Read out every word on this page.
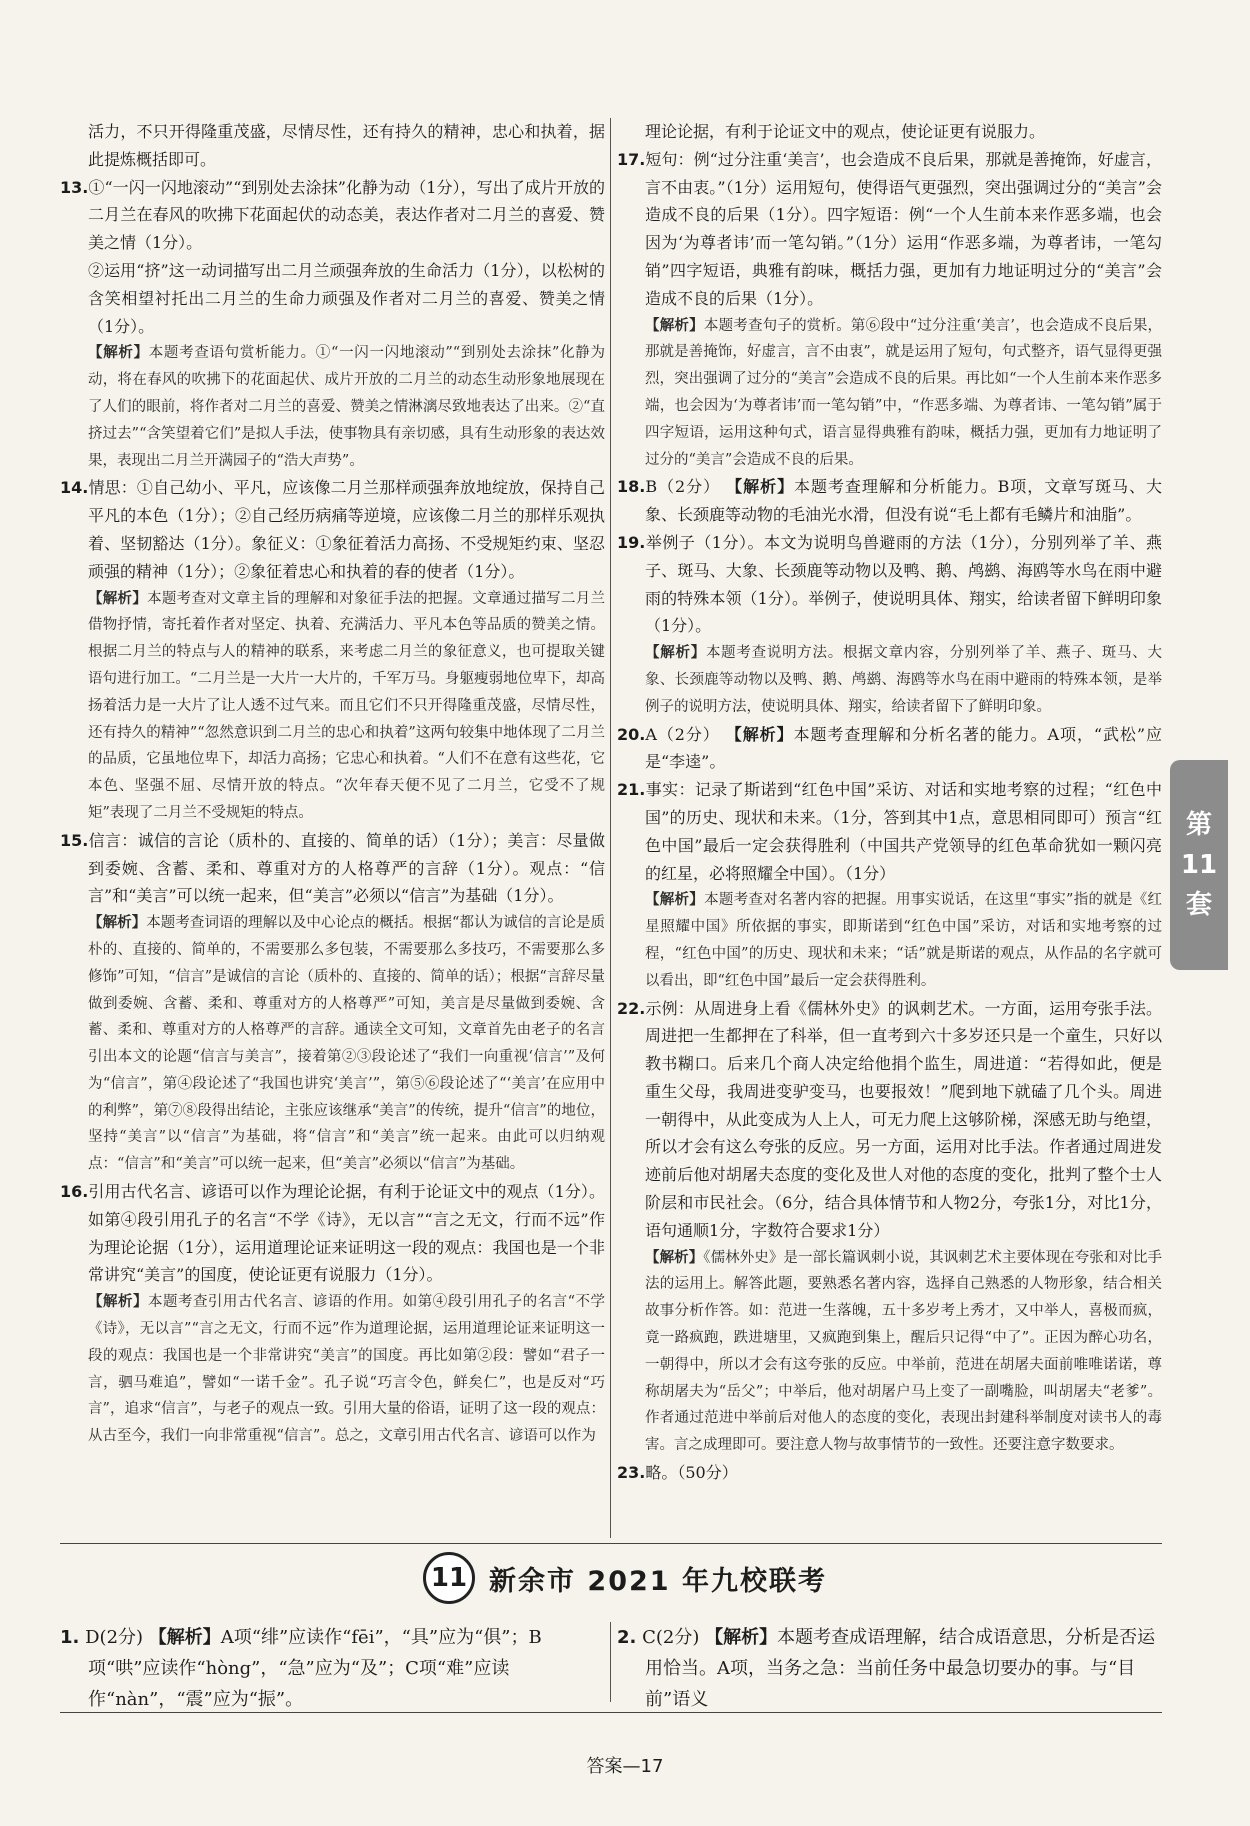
活力，不只开得隆重茂盛，尽情尽性，还有持久的精神，忠心和执着，据此提炼概括即可。

13.①“一闪一闪地滚动”“到别处去涂抹”化静为动（1分），写出了成片开放的二月兰在春风的吹拂下花面起伏的动态美，表达作者对二月兰的喜爱、赞美之情（1分）。

②运用“挤”这一动词描写出二月兰顽强奔放的生命活力（1分），以松树的含笑相望衬托出二月兰的生命力顽强及作者对二月兰的喜爱、赞美之情（1分）。

【 解析 】 本题考查语句赏析能力。①“一闪一闪地滚动”“到别处去涂抹”化静为动，将在春风的吹拂下的花面起伏、成片开放的二月兰的动态生动形象地展现在了人们的眼前，将作者对二月兰的喜爱、赞美之情淋漓尽致地表达了出来。②“直挤过去”“含笑望着它们”是拟人手法，使事物具有亲切感，具有生动形象的表达效果，表现出二月兰开满园子的“浩大声势”。

14.情思：①自己幼小、平凡，应该像二月兰那样顽强奔放地绽放，保持自己平凡的本色（1分）；②自己经历病痛等逆境，应该像二月兰的那样乐观执着、坚韧豁达（1分）。象征义：①象征着活力高扬、不受规矩约束、坚忍顽强的精神（1分）；②象征着忠心和执着的春的使者（1分）。

【 解析 】 本题考查对文章主旨的理解和对象征手法的把握。文章通过描写二月兰借物抒情，寄托着作者对坚定、执着、充满活力、平凡本色等品质的赞美之情。根据二月兰的特点与人的精神的联系，来考虑二月兰的象征意义，也可提取关键语句进行加工。“二月兰是一大片一大片的，千军万马。身躯瘦弱地位卑下，却高扬着活力是一大片了让人透不过气来。而且它们不只开得隆重茂盛，尽情尽性，还有持久的精神”“忽然意识到二月兰的忠心和执着”这两句较集中地体现了二月兰的品质，它虽地位卑下，却活力高扬；它忠心和执着。“人们不在意有这些花，它本色、坚强不屈、尽情开放的特点。“次年春天便不见了二月兰，它受不了规矩”表现了二月兰不受规矩的特点。

15.信言：诚信的言论（质朴的、直接的、简单的话）（1分）；美言：尽量做到委婉、含蓄、柔和、尊重对方的人格尊严的言辞（1分）。观点：“信言”和“美言”可以统一起来，但“美言”必须以“信言”为基础（1分）。

【 解析 】 本题考查词语的理解以及中心论点的概括。根据“都认为诚信的言论是质朴的、直接的、简单的，不需要那么多包装，不需要那么多技巧，不需要那么多修饰”可知，“信言”是诚信的言论（质朴的、直接的、简单的话）；根据“言辞尽量做到委婉、含蓄、柔和、尊重对方的人格尊严”可知，美言是尽量做到委婉、含蓄、柔和、尊重对方的人格尊严的言辞。通读全文可知，文章首先由老子的名言引出本文的论题“信言与美言”，接着第②③段论述了“我们一向重视‘信言’”及何为“信言”，第④段论述了“我国也讲究‘美言’”，第⑤⑥段论述了“‘美言’在应用中的利弊”，第⑦⑧段得出结论，主张应该继承“美言”的传统，提升“信言”的地位，坚持“美言”以“信言”为基础，将“信言”和“美言”统一起来。由此可以归纳观点：“信言”和“美言”可以统一起来，但“美言”必须以“信言”为基础。

16.引用古代名言、谚语可以作为理论论据，有利于论证文中的观点（1分）。如第④段引用孔子的名言“不学《诗》，无以言”“言之无文，行而不远”作为理论论据（1分），运用道理论证来证明这一段的观点：我国也是一个非常讲究“美言”的国度，使论证更有说服力（1分）。

【 解析 】 本题考查引用古代名言、谚语的作用。如第④段引用孔子的名言“不学《诗》，无以言”“言之无文，行而不远”作为道理论据，运用道理论证来证明这一段的观点：我国也是一个非常讲究“美言”的国度。再比如第②段：譬如“君子一言，驷马难追”，譬如“一诺千金”。孔子说“巧言令色，鲜矣仁”，也是反对“巧言”，追求“信言”，与老子的观点一致。引用大量的俗语，证明了这一段的观点：从古至今，我们一向非常重视“信言”。总之，文章引用古代名言、谚语可以作为

理论论据，有利于论证文中的观点，使论证更有说服力。

17.短句：例“过分注重‘美言’，也会造成不良后果，那就是善掩饰，好虚言，言不由衷。”（1分）运用短句，使得语气更强烈，突出强调过分的“美言”会造成不良的后果（1分）。四字短语：例“一个人生前本来作恶多端，也会因为‘为尊者讳’而一笔勾销。”（1分）运用“作恶多端，为尊者讳，一笔勾销”四字短语，典雅有韵味，概括力强，更加有力地证明过分的“美言”会造成不良的后果（1分）。

【 解析 】 本题考查句子的赏析。第⑥段中“过分注重‘美言’，也会造成不良后果，那就是善掩饰，好虚言，言不由衷”，就是运用了短句，句式整齐，语气显得更强烈，突出强调了过分的“美言”会造成不良的后果。再比如“一个人生前本来作恶多端，也会因为‘为尊者讳’而一笔勾销”中，“作恶多端、为尊者讳、一笔勾销”属于四字短语，运用这种句式，语言显得典雅有韵味，概括力强，更加有力地证明了过分的“美言”会造成不良的后果。

18.B（2分） 【 解析 】 本题考查理解和分析能力。B项，文章写斑马、大象、长颈鹿等动物的毛油光水滑，但没有说“毛上都有毛鳞片和油脂”。

19.举例子（1分）。本文为说明鸟兽避雨的方法（1分），分别列举了羊、燕子、斑马、大象、长颈鹿等动物以及鸭、鹅、鸬鹚、海鸥等水鸟在雨中避雨的特殊本领（1分）。举例子，使说明具体、翔实，给读者留下鲜明印象（1分）。

【 解析 】 本题考查说明方法。根据文章内容，分别列举了羊、燕子、斑马、大象、长颈鹿等动物以及鸭、鹅、鸬鹚、海鸥等水鸟在雨中避雨的特殊本领，是举例子的说明方法，使说明具体、翔实，给读者留下了鲜明印象。

20.A（2分） 【 解析 】 本题考查理解和分析名著的能力。A项，“武松”应是“李逵”。

21.事实：记录了斯诺到“红色中国”采访、对话和实地考察的过程；“红色中国”的历史、现状和未来。（1分，答到其中1点，意思相同即可）预言“红色中国”最后一定会获得胜利（中国共产党领导的红色革命犹如一颗闪亮的红星，必将照耀全中国）。（1分）

【 解析 】 本题考查对名著内容的把握。用事实说话，在这里“事实”指的就是《红星照耀中国》所依据的事实，即斯诺到“红色中国”采访，对话和实地考察的过程，“红色中国”的历史、现状和未来；“话”就是斯诺的观点，从作品的名字就可以看出，即“红色中国”最后一定会获得胜利。

22.示例：从周进身上看《儒林外史》的讽刺艺术。一方面，运用夸张手法。周进把一生都押在了科举，但一直考到六十多岁还只是一个童生，只好以教书糊口。后来几个商人决定给他捐个监生，周进道：“若得如此，便是重生父母，我周进变驴变马，也要报效！”爬到地下就磕了几个头。周进一朝得中，从此变成为人上人，可无力爬上这够阶梯，深感无助与绝望，所以才会有这么夸张的反应。另一方面，运用对比手法。作者通过周进发迹前后他对胡屠夫态度的变化及世人对他的态度的变化，批判了整个士人阶层和市民社会。（6分，结合具体情节和人物2分，夸张1分，对比1分，语句通顺1分，字数符合要求1分）

【 解析 】 《儒林外史》是一部长篇讽刺小说，其讽刺艺术主要体现在夸张和对比手法的运用上。解答此题，要熟悉名著内容，选择自己熟悉的人物形象，结合相关故事分析作答。如：范进一生落魄，五十多岁考上秀才，又中举人，喜极而疯，竟一路疯跑，跌进塘里，又疯跑到集上，醒后只记得“中了”。正因为醉心功名，一朝得中，所以才会有这夸张的反应。中举前，范进在胡屠夫面前唯唯诺诺，尊称胡屠夫为“岳父”；中举后，他对胡屠户马上变了一副嘴脸，叫胡屠夫“老爹”。作者通过范进中举前后对他人的态度的变化，表现出封建科举制度对读书人的毒害。言之成理即可。要注意人物与故事情节的一致性。还要注意字数要求。

23.略。（50分）

11 新余市 2021 年九校联考

1. D(2分) 【 解析 】 A项“绯”应读作“fēi”，“具”应为“俱”；B项“哄”应读作“hòng”，“急”应为“及”；C项“难”应读作“nàn”，“震”应为“振”。

2. C(2分) 【 解析 】 本题考查成语理解，结合成语意思，分析是否运用恰当。A项，当务之急：当前任务中最急切要办的事。与“目前”语义

答案—17
第
11
套
